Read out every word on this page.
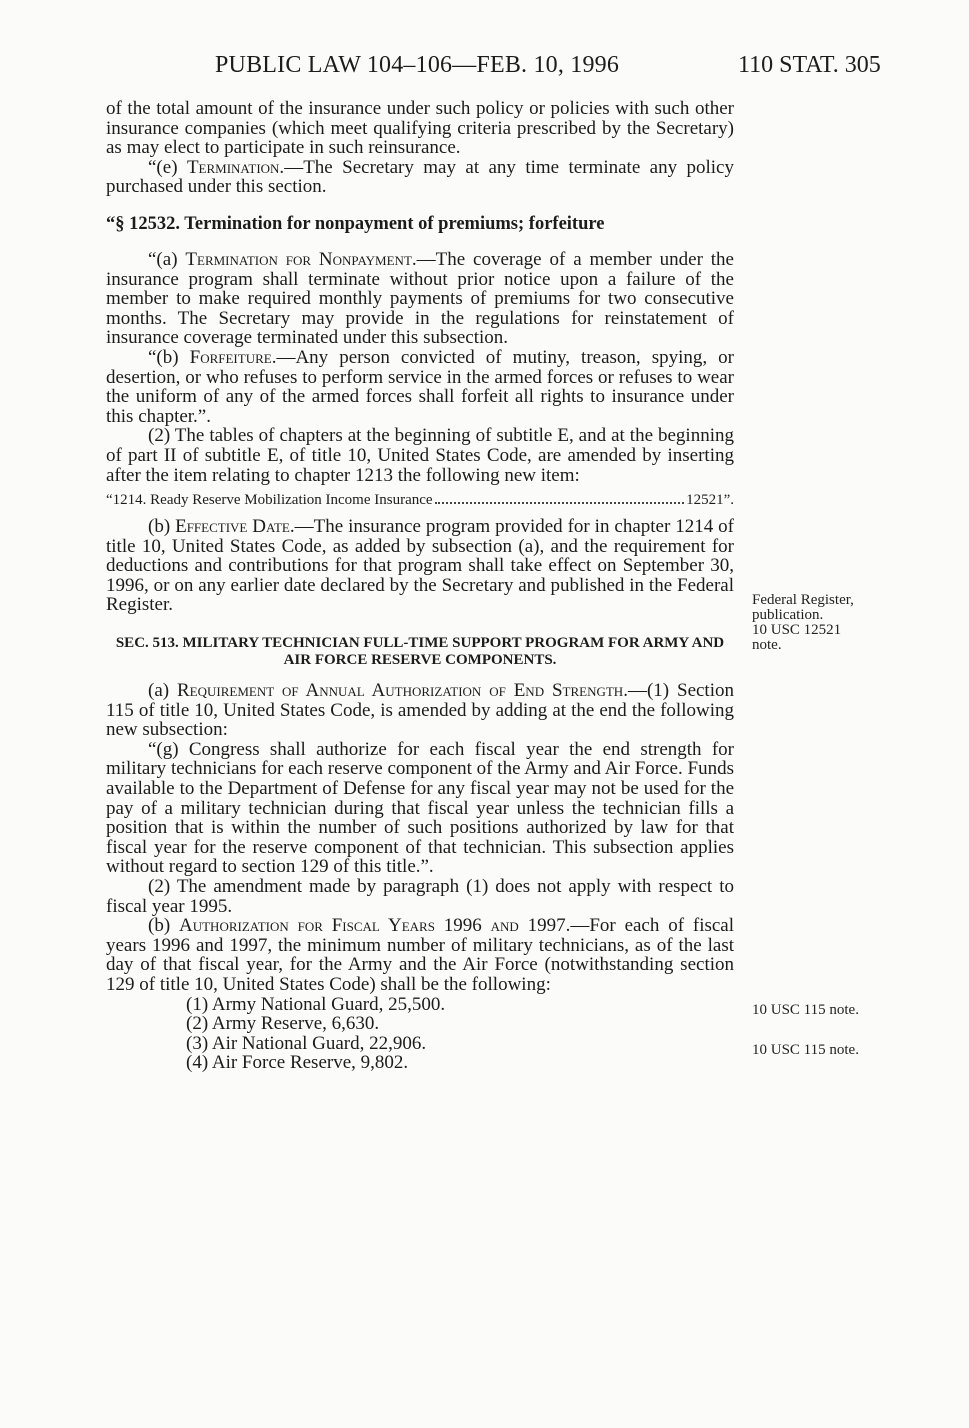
PUBLIC LAW 104–106—FEB. 10, 1996	110 STAT. 305

of the total amount of the insurance under such policy or policies with such other insurance companies (which meet qualifying criteria prescribed by the Secretary) as may elect to participate in such reinsurance.

“(e) Termination.—The Secretary may at any time terminate any policy purchased under this section.

“§ 12532. Termination for nonpayment of premiums; forfeiture

“(a) Termination for Nonpayment.—The coverage of a member under the insurance program shall terminate without prior notice upon a failure of the member to make required monthly payments of premiums for two consecutive months. The Secretary may provide in the regulations for reinstatement of insurance coverage terminated under this subsection.

“(b) Forfeiture.—Any person convicted of mutiny, treason, spying, or desertion, or who refuses to perform service in the armed forces or refuses to wear the uniform of any of the armed forces shall forfeit all rights to insurance under this chapter.”.

(2) The tables of chapters at the beginning of subtitle E, and at the beginning of part II of subtitle E, of title 10, United States Code, are amended by inserting after the item relating to chapter 1213 the following new item:

“1214. Ready Reserve Mobilization Income Insurance	12521”.

(b) Effective Date.—The insurance program provided for in chapter 1214 of title 10, United States Code, as added by subsection (a), and the requirement for deductions and contributions for that program shall take effect on September 30, 1996, or on any earlier date declared by the Secretary and published in the Federal Register.

SEC. 513. MILITARY TECHNICIAN FULL-TIME SUPPORT PROGRAM FOR ARMY AND AIR FORCE RESERVE COMPONENTS.

(a) Requirement of Annual Authorization of End Strength.—(1) Section 115 of title 10, United States Code, is amended by adding at the end the following new subsection:

“(g) Congress shall authorize for each fiscal year the end strength for military technicians for each reserve component of the Army and Air Force. Funds available to the Department of Defense for any fiscal year may not be used for the pay of a military technician during that fiscal year unless the technician fills a position that is within the number of such positions authorized by law for that fiscal year for the reserve component of that technician. This subsection applies without regard to section 129 of this title.”.

(2) The amendment made by paragraph (1) does not apply with respect to fiscal year 1995.

(b) Authorization for Fiscal Years 1996 and 1997.—For each of fiscal years 1996 and 1997, the minimum number of military technicians, as of the last day of that fiscal year, for the Army and the Air Force (notwithstanding section 129 of title 10, United States Code) shall be the following:

(1) Army National Guard, 25,500.

(2) Army Reserve, 6,630.

(3) Air National Guard, 22,906.

(4) Air Force Reserve, 9,802.

Federal Register,
publication.
10 USC 12521
note.
10 USC 115 note.
10 USC 115 note.
